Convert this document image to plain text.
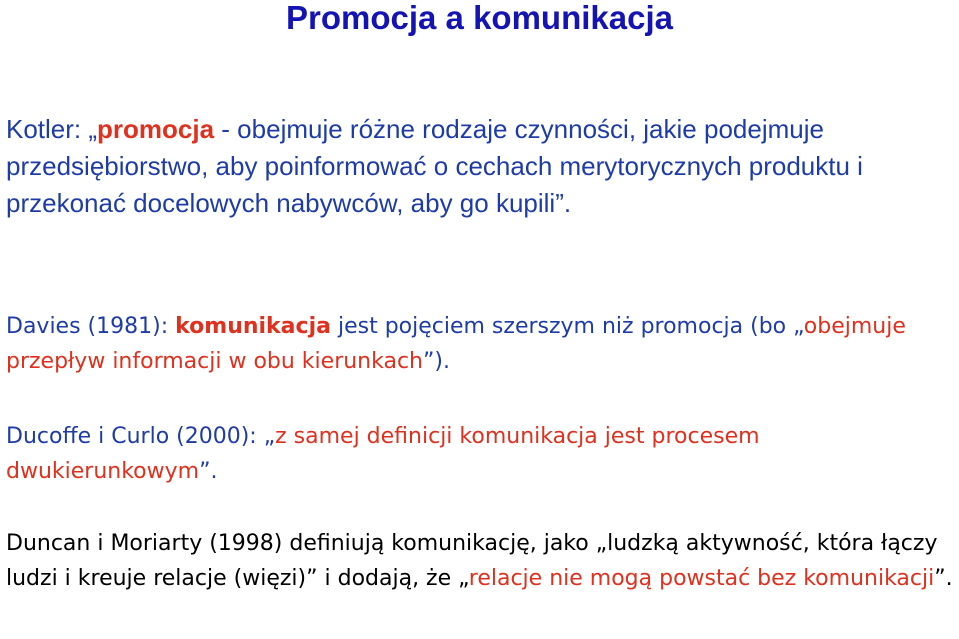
Promocja a komunikacja

Kotler: „promocja - obejmuje różne rodzaje czynności, jakie podejmuje przedsiębiorstwo, aby poinformować o cechach merytorycznych produktu i przekonać docelowych nabywców, aby go kupili”.

Davies (1981): komunikacja jest pojęciem szerszym niż promocja (bo „obejmuje przepływ informacji w obu kierunkach”).

Ducoffe i Curlo (2000): „z samej definicji komunikacja jest procesem dwukierunkowym”.

Duncan i Moriarty (1998) definiują komunikację, jako „ludzką aktywność, która łączy ludzi i kreuje relacje (więzi)” i dodają, że „relacje nie mogą powstać bez komunikacji”.
